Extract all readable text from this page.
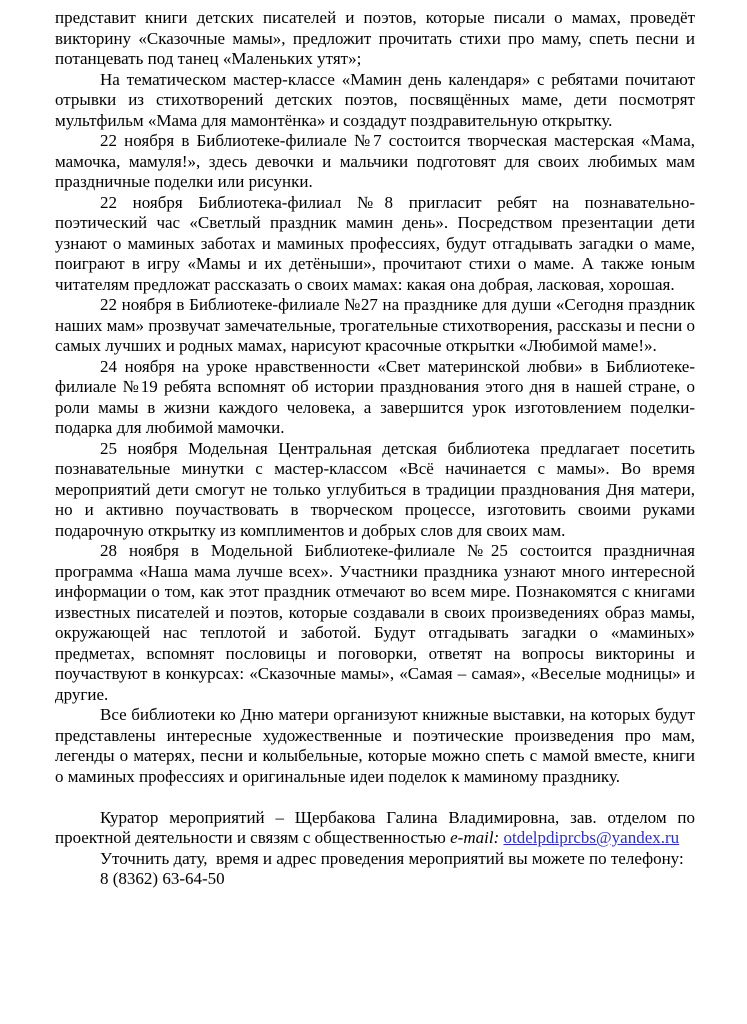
представит книги детских писателей и поэтов, которые писали о мамах, проведёт викторину «Сказочные мамы», предложит прочитать стихи про маму, спеть песни и потанцевать под танец «Маленьких утят»;

На тематическом мастер-классе «Мамин день календаря» с ребятами почитают отрывки из стихотворений детских поэтов, посвящённых маме, дети посмотрят мультфильм «Мама для мамонтёнка» и создадут поздравительную открытку.

22 ноября в Библиотеке-филиале №7 состоится творческая мастерская «Мама, мамочка, мамуля!», здесь девочки и мальчики подготовят для своих любимых мам праздничные поделки или рисунки.

22 ноября Библиотека-филиал №8 пригласит ребят на познавательно-поэтический час «Светлый праздник мамин день». Посредством презентации дети узнают о маминых заботах и маминых профессиях, будут отгадывать загадки о маме, поиграют в игру «Мамы и их детёныши», прочитают стихи о маме. А также юным читателям предложат рассказать о своих мамах: какая она добрая, ласковая, хорошая.

22 ноября в Библиотеке-филиале №27 на празднике для души «Сегодня праздник наших мам» прозвучат замечательные, трогательные стихотворения, рассказы и песни о самых лучших и родных мамах, нарисуют красочные открытки «Любимой маме!».

24 ноября на уроке нравственности «Свет материнской любви» в Библиотеке-филиале №19 ребята вспомнят об истории празднования этого дня в нашей стране, о роли мамы в жизни каждого человека, а завершится урок изготовлением поделки-подарка для любимой мамочки.

25 ноября Модельная Центральная детская библиотека предлагает посетить познавательные минутки с мастер-классом «Всё начинается с мамы». Во время мероприятий дети смогут не только углубиться в традиции празднования Дня матери, но и активно поучаствовать в творческом процессе, изготовить своими руками подарочную открытку из комплиментов и добрых слов для своих мам.

28 ноября в Модельной Библиотеке-филиале №25 состоится праздничная программа «Наша мама лучше всех». Участники праздника узнают много интересной информации о том, как этот праздник отмечают во всем мире. Познакомятся с книгами известных писателей и поэтов, которые создавали в своих произведениях образ мамы, окружающей нас теплотой и заботой. Будут отгадывать загадки о «маминых» предметах, вспомнят пословицы и поговорки, ответят на вопросы викторины и поучаствуют в конкурсах: «Сказочные мамы», «Самая – самая», «Веселые модницы» и другие.

Все библиотеки ко Дню матери организуют книжные выставки, на которых будут представлены интересные художественные и поэтические произведения про мам, легенды о матерях, песни и колыбельные, которые можно спеть с мамой вместе, книги о маминых профессиях и оригинальные идеи поделок к маминому празднику.

Куратор мероприятий – Щербакова Галина Владимировна, зав. отделом по проектной деятельности и связям с общественностью e-mail: otdelpdiprcbs@yandex.ru

Уточнить дату,  время и адрес проведения мероприятий вы можете по телефону:

8 (8362) 63-64-50
